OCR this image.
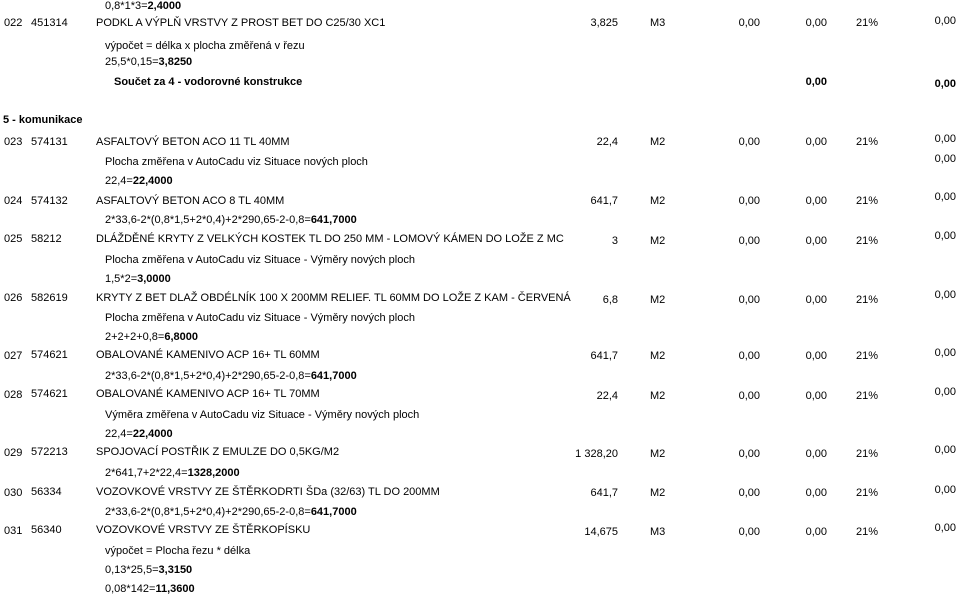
0,8*1*3=2,4000
022 451314	PODKL A VÝPLŇ VRSTVY Z PROST BET DO C25/30 XC1	3,825	M3	0,00	0,00	21%	0,00
výpočet = délka x plocha změřená v řezu
25,5*0,15=3,8250
Součet za 4 - vodorovné konstrukce	0,00	0,00
5 - komunikace
023 574131	ASFALTOVÝ BETON ACO 11 TL 40MM	22,4	M2	0,00	0,00	21%	0,00
Plocha změřena v AutoCadu viz Situace nových ploch	0,00
22,4=22,4000
024 574132	ASFALTOVÝ BETON ACO 8 TL 40MM	641,7	M2	0,00	0,00	21%	0,00
2*33,6-2*(0,8*1,5+2*0,4)+2*290,65-2-0,8=641,7000
025 58212	DLÁŽDĚNÉ KRYTY Z VELKÝCH KOSTEK TL DO 250 MM - LOMOVÝ KÁMEN DO LOŽE Z MC	3	M2	0,00	0,00	21%	0,00
Plocha změřena v AutoCadu viz Situace - Výměry nových ploch
1,5*2=3,0000
026 582619	KRYTY Z BET DLAŽ OBDÉLNÍK 100 X 200MM RELIEF. TL 60MM DO LOŽE Z KAM - ČERVENÁ	6,8	M2	0,00	0,00	21%	0,00
Plocha změřena v AutoCadu viz Situace - Výměry nových ploch
2+2+2+0,8=6,8000
027 574621	OBALOVANÉ KAMENIVO ACP 16+ TL 60MM	641,7	M2	0,00	0,00	21%	0,00
2*33,6-2*(0,8*1,5+2*0,4)+2*290,65-2-0,8=641,7000
028 574621	OBALOVANÉ KAMENIVO ACP 16+ TL 70MM	22,4	M2	0,00	0,00	21%	0,00
Výměra změřena v AutoCadu viz Situace - Výměry nových ploch
22,4=22,4000
029 572213	SPOJOVACÍ POSTŘIK Z EMULZE DO 0,5KG/M2	1 328,20	M2	0,00	0,00	21%	0,00
2*641,7+2*22,4=1328,2000
030 56334	VOZOVKOVÉ VRSTVY ZE ŠTĚRKODRTI ŠDa (32/63) TL DO 200MM	641,7	M2	0,00	0,00	21%	0,00
2*33,6-2*(0,8*1,5+2*0,4)+2*290,65-2-0,8=641,7000
031 56340	VOZOVKOVÉ VRSTVY ZE ŠTĚRKOPÍSKU	14,675	M3	0,00	0,00	21%	0,00
výpočet = Plocha řezu * délka
0,13*25,5=3,3150
0,08*142=11,3600
